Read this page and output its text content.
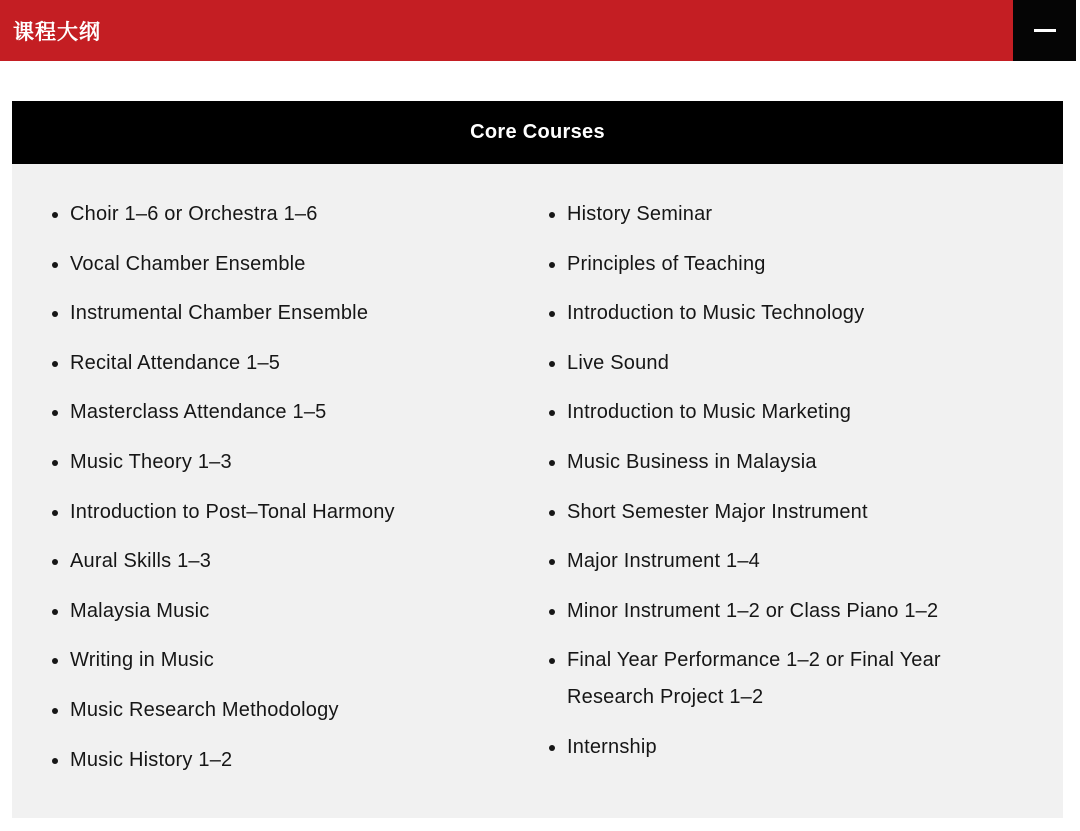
课程大纲
Core Courses
Choir 1–6 or Orchestra 1–6
Vocal Chamber Ensemble
Instrumental Chamber Ensemble
Recital Attendance 1–5
Masterclass Attendance 1–5
Music Theory 1–3
Introduction to Post–Tonal Harmony
Aural Skills 1–3
Malaysia Music
Writing in Music
Music Research Methodology
Music History 1–2
History Seminar
Principles of Teaching
Introduction to Music Technology
Live Sound
Introduction to Music Marketing
Music Business in Malaysia
Short Semester Major Instrument
Major Instrument 1–4
Minor Instrument 1–2 or Class Piano 1–2
Final Year Performance 1–2 or Final Year Research Project 1–2
Internship
